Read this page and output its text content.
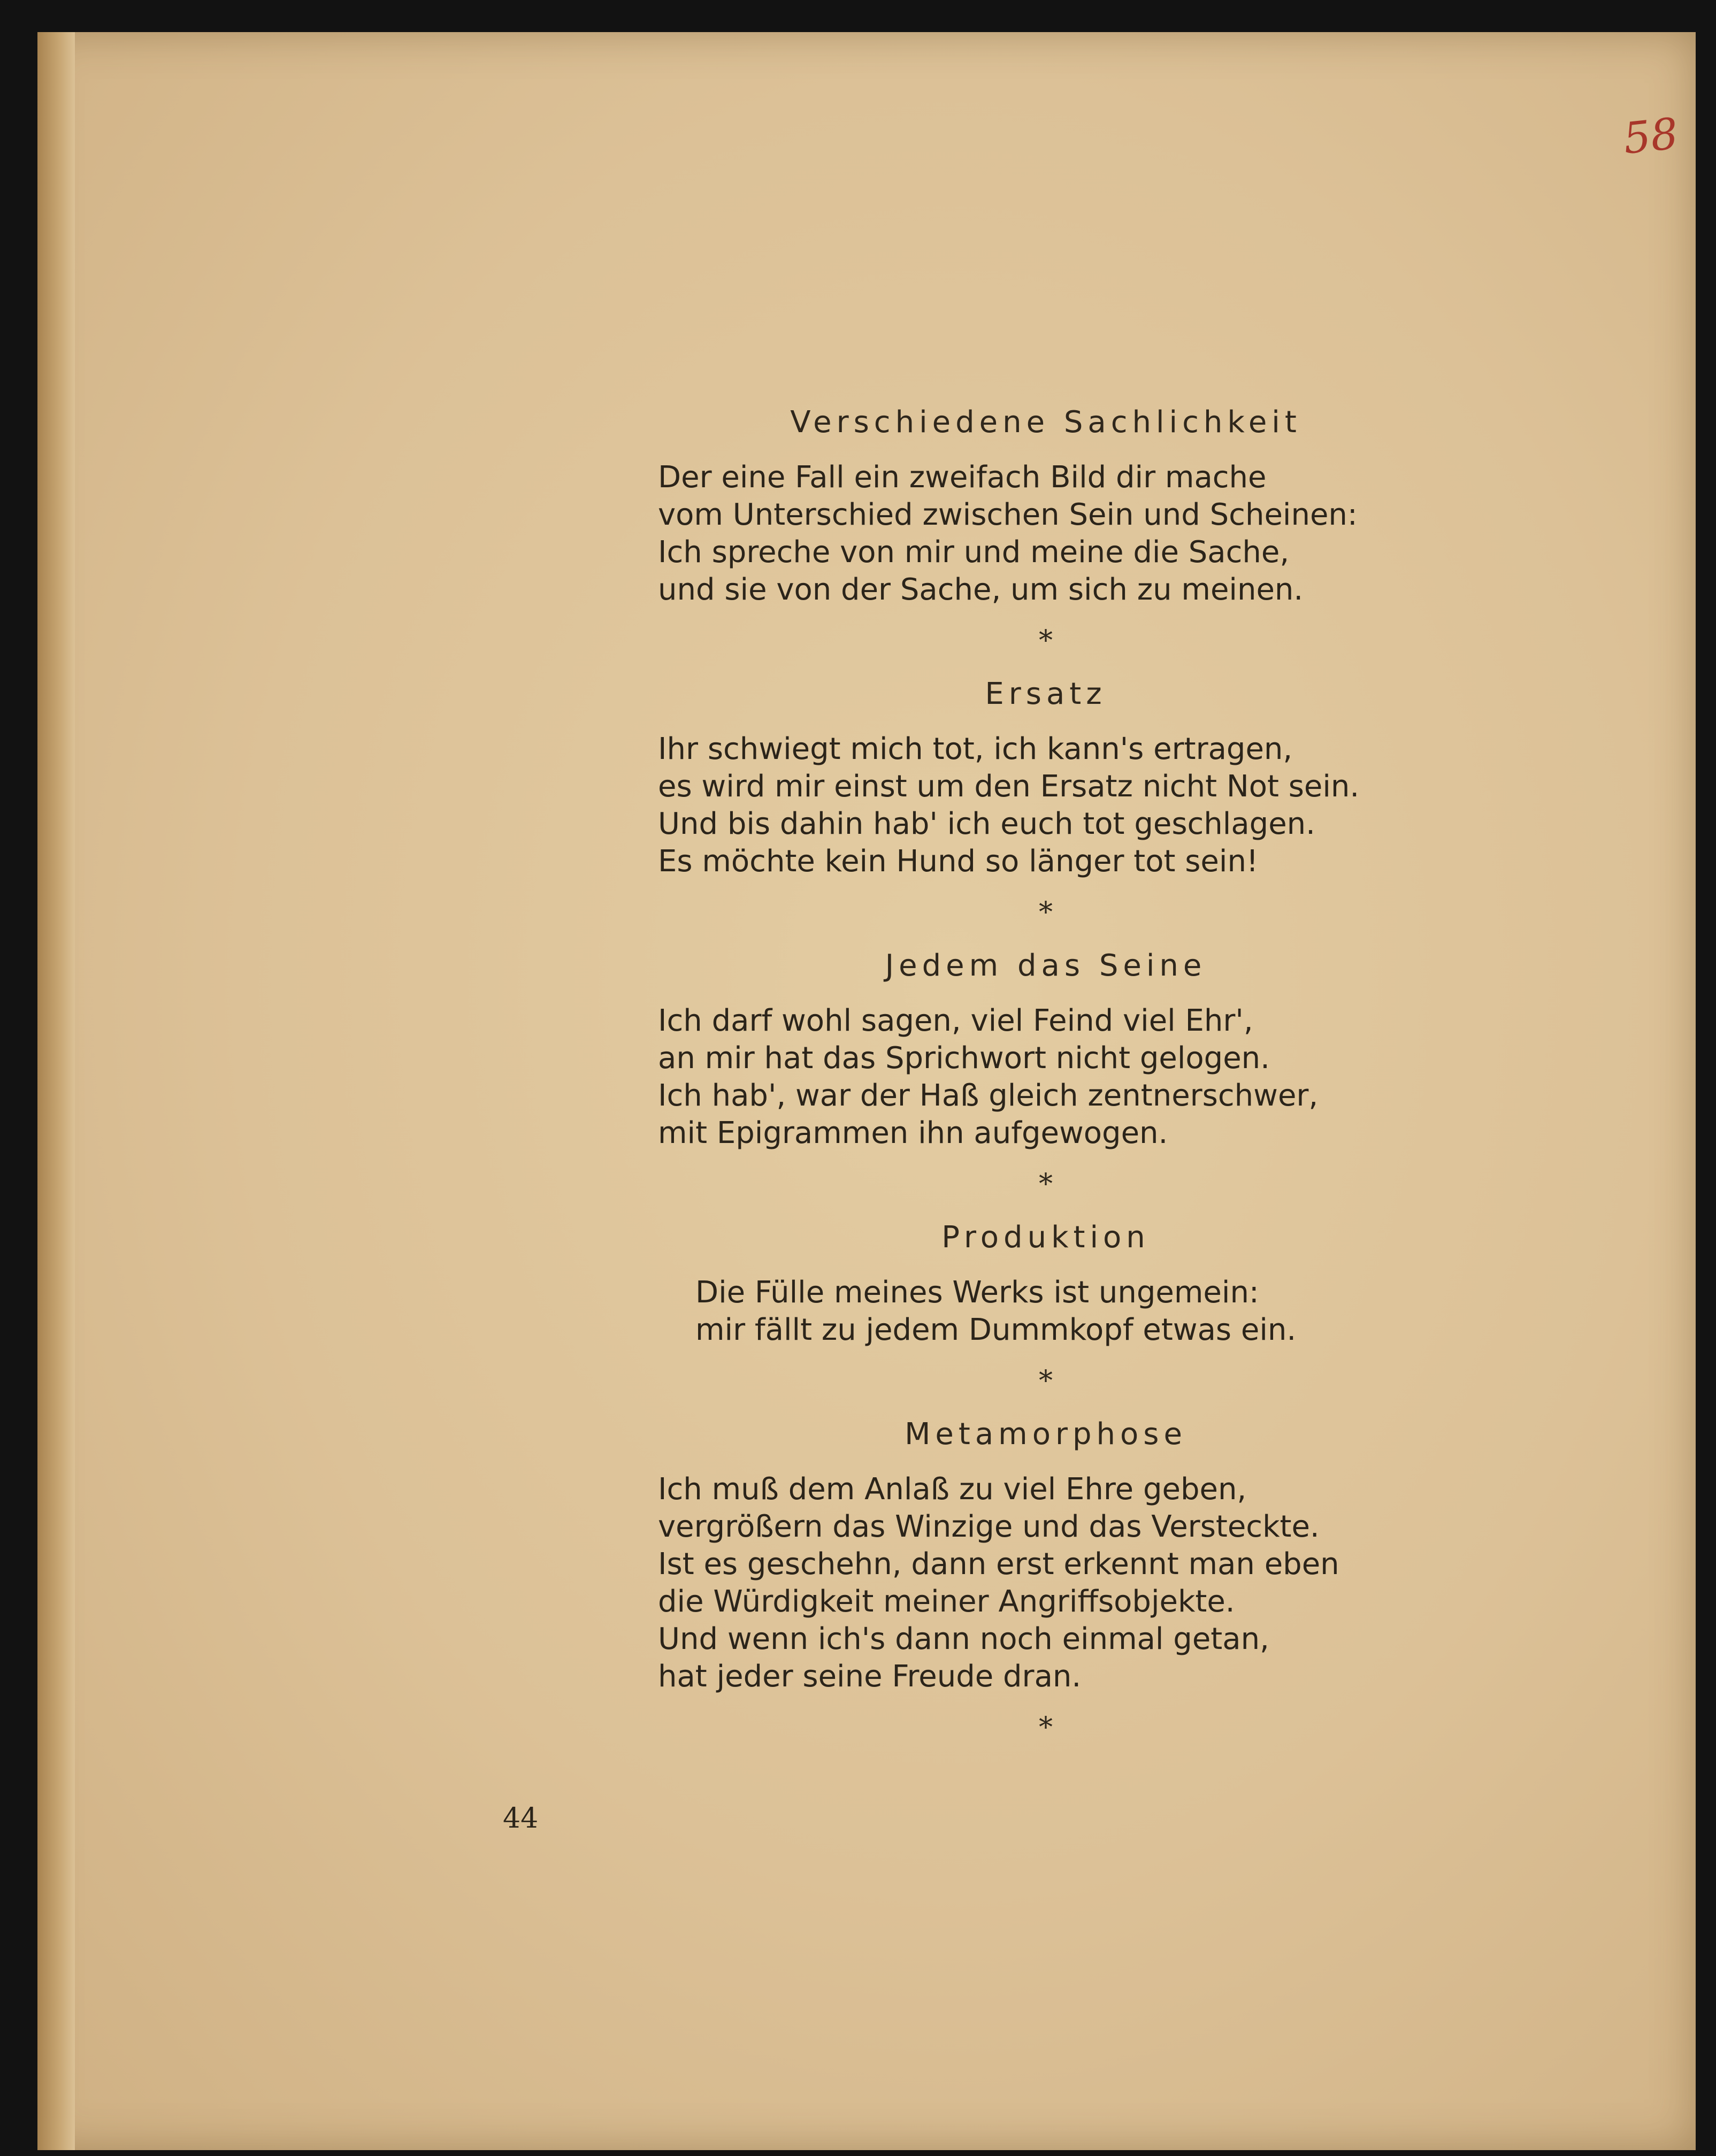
58
Verschiedene Sachlichkeit
Der eine Fall ein zweifach Bild dir mache
vom Unterschied zwischen Sein und Scheinen:
Ich spreche von mir und meine die Sache,
und sie von der Sache, um sich zu meinen.
*
Ersatz
Ihr schwiegt mich tot, ich kann's ertragen,
es wird mir einst um den Ersatz nicht Not sein.
Und bis dahin hab' ich euch tot geschlagen.
Es möchte kein Hund so länger tot sein!
*
Jedem das Seine
Ich darf wohl sagen, viel Feind viel Ehr',
an mir hat das Sprichwort nicht gelogen.
Ich hab', war der Haß gleich zentnerschwer,
mit Epigrammen ihn aufgewogen.
*
Produktion
Die Fülle meines Werks ist ungemein:
mir fällt zu jedem Dummkopf etwas ein.
*
Metamorphose
Ich muß dem Anlaß zu viel Ehre geben,
vergrößern das Winzige und das Versteckte.
Ist es geschehn, dann erst erkennt man eben
die Würdigkeit meiner Angriffsobjekte.
Und wenn ich's dann noch einmal getan,
hat jeder seine Freude dran.
*
44
